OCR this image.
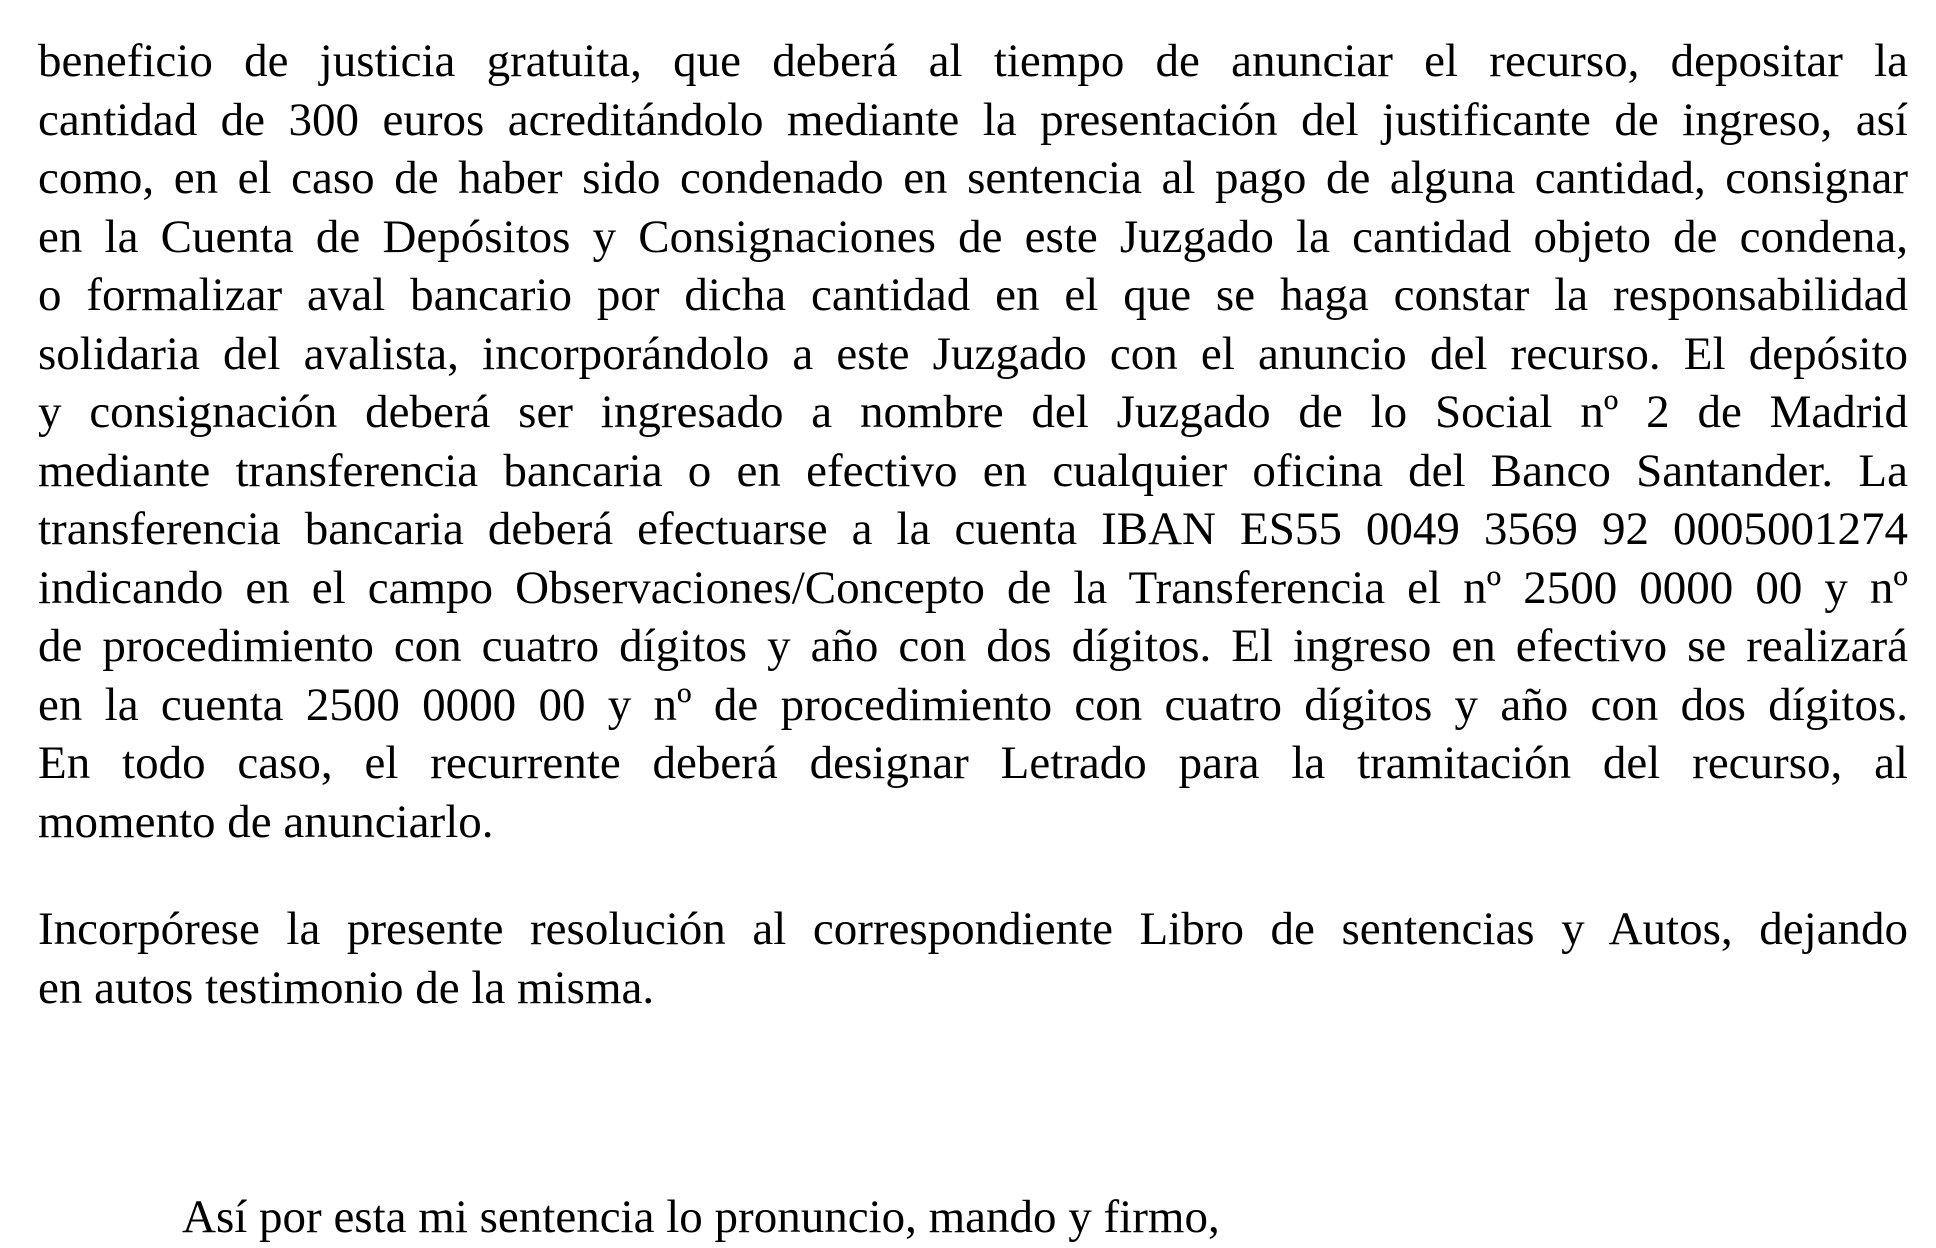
beneficio de justicia gratuita, que deberá al tiempo de anunciar el recurso, depositar la
cantidad de 300 euros acreditándolo mediante la presentación del justificante de ingreso, así
como, en el caso de haber sido condenado en sentencia al pago de alguna cantidad, consignar
en la Cuenta de Depósitos y Consignaciones de este Juzgado la cantidad objeto de condena,
o formalizar aval bancario por dicha cantidad en el que se haga constar la responsabilidad
solidaria del avalista, incorporándolo a este Juzgado con el anuncio del recurso. El depósito
y consignación deberá ser ingresado a nombre del Juzgado de lo Social nº 2 de Madrid
mediante transferencia bancaria o en efectivo en cualquier oficina del Banco Santander. La
transferencia bancaria deberá efectuarse a la cuenta IBAN ES55 0049 3569 92 0005001274
indicando en el campo Observaciones/Concepto de la Transferencia el nº 2500 0000 00 y nº
de procedimiento con cuatro dígitos y año con dos dígitos. El ingreso en efectivo se realizará
en la cuenta 2500 0000 00 y nº de procedimiento con cuatro dígitos y año con dos dígitos.
En todo caso, el recurrente deberá designar Letrado para la tramitación del recurso, al
momento de anunciarlo.
Incorpórese la presente resolución al correspondiente Libro de sentencias y Autos, dejando
en autos testimonio de la misma.
Así por esta mi sentencia lo pronuncio, mando y firmo,
